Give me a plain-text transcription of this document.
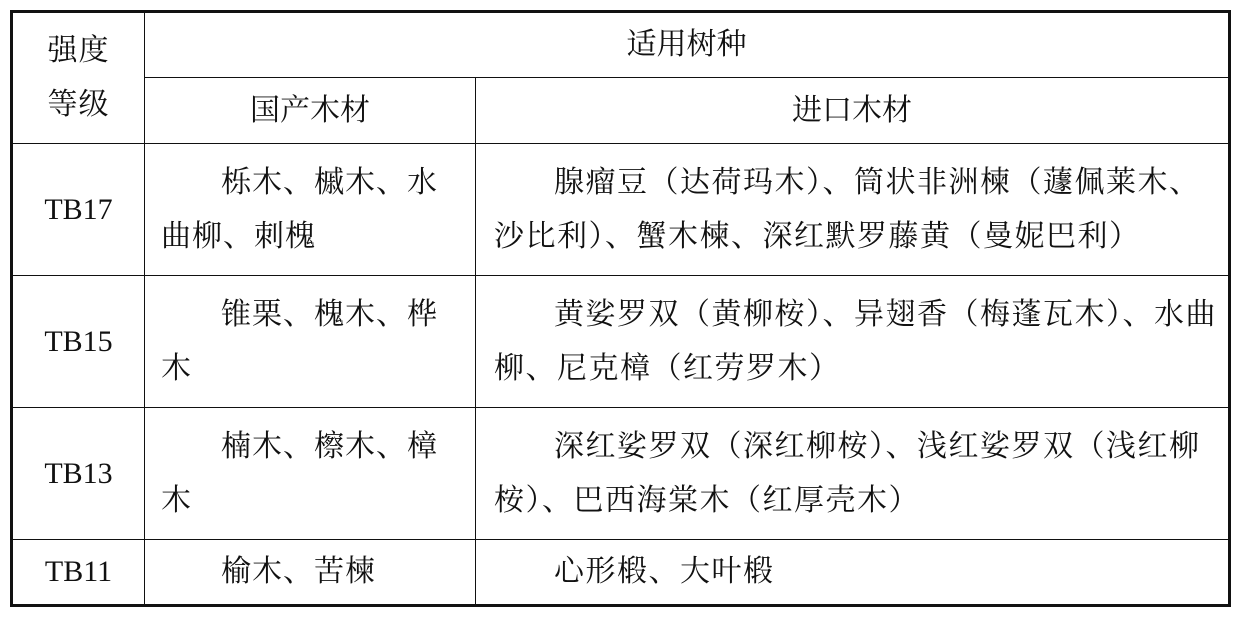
强度
等级	适用树种	
	国产木材	进口木材
TB17	栎木、槭木、水曲柳、刺槐	腺瘤豆（达荷玛木）、筒状非洲楝（蘧佩莱木、沙比利）、蟹木楝、深红默罗藤黄（曼妮巴利）
TB15	锥栗、槐木、桦木	黄娑罗双（黄柳桉）、异翅香（梅蓬瓦木）、水曲柳、尼克樟（红劳罗木）
TB13	楠木、檫木、樟木	深红娑罗双（深红柳桉）、浅红娑罗双（浅红柳桉）、巴西海棠木（红厚壳木）
TB11	榆木、苦楝	心形椴、大叶椴
